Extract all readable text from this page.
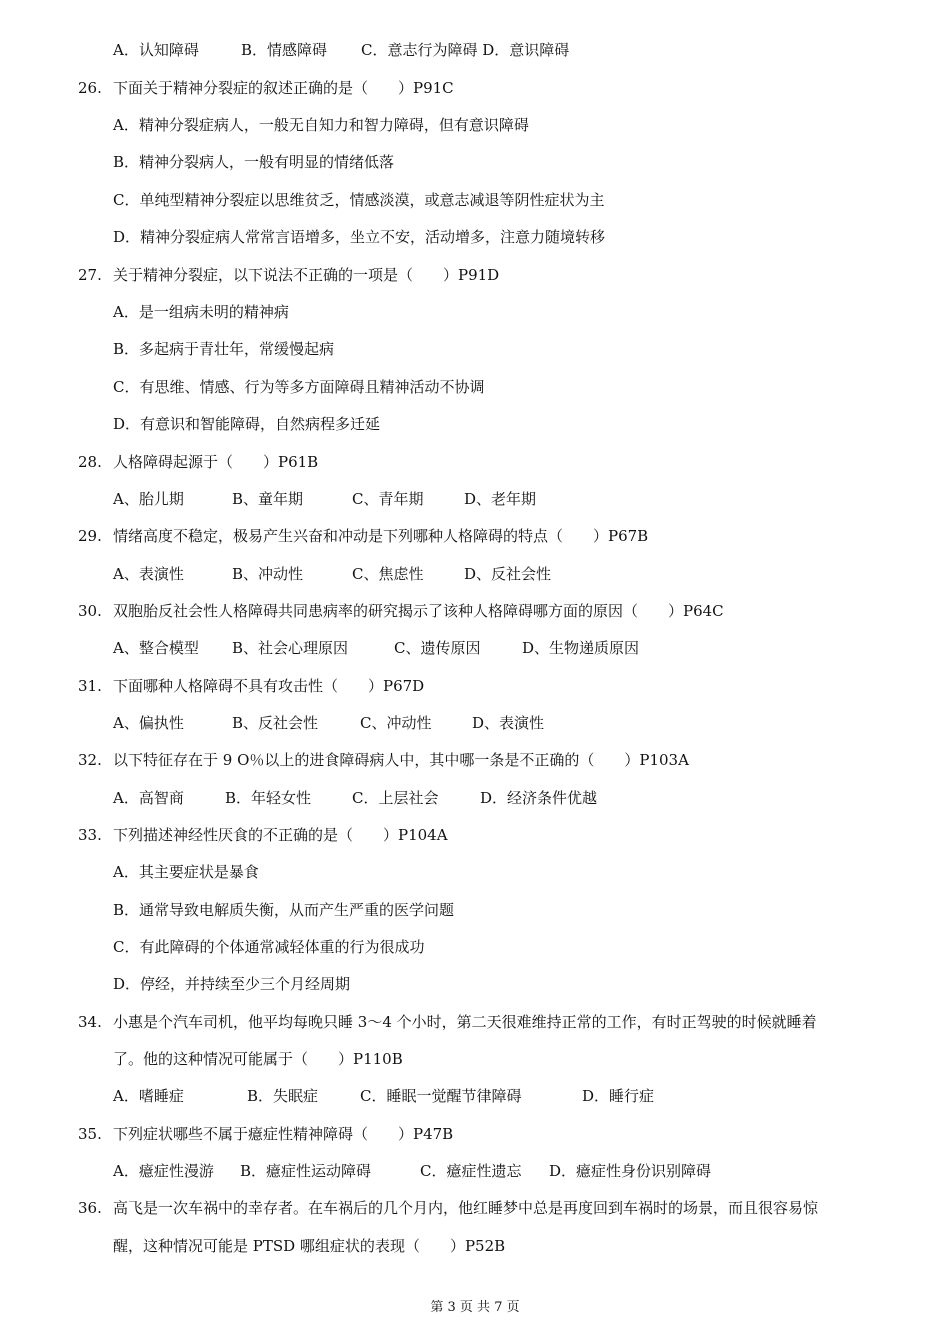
A．认知障碍	B．情感障碍 C．意志行为障碍 D．意识障碍
26. 下面关于精神分裂症的叙述正确的是（　　）P91C
A．精神分裂症病人，一般无自知力和智力障碍，但有意识障碍
B．精神分裂病人，一般有明显的情绪低落
C．单纯型精神分裂症以思维贫乏，情感淡漠，或意志减退等阴性症状为主
D．精神分裂症病人常常言语增多，坐立不安，活动增多，注意力随境转移
27. 关于精神分裂症，以下说法不正确的一项是（　　）P91D
A．是一组病未明的精神病
B．多起病于青壮年，常缓慢起病
C．有思维、情感、行为等多方面障碍且精神活动不协调
D．有意识和智能障碍，自然病程多迁延
28. 人格障碍起源于（　　）P61B
A、胎儿期	B、童年期	C、青年期	D、老年期
29. 情绪高度不稳定，极易产生兴奋和冲动是下列哪种人格障碍的特点（　　）P67B
A、表演性	B、冲动性	C、焦虑性	D、反社会性
30. 双胞胎反社会性人格障碍共同患病率的研究揭示了该种人格障碍哪方面的原因（　　）P64C
A、整合模型 B、社会心理原因	C、遗传原因	D、生物递质原因
31. 下面哪种人格障碍不具有攻击性（　　）P67D
A、偏执性	B、反社会性	C、冲动性	D、表演性
32. 以下特征存在于 9 O％以上的进食障碍病人中，其中哪一条是不正确的（　　）P103A
A．高智商	B．年轻女性	C．上层社会	D．经济条件优越
33. 下列描述神经性厌食的不正确的是（　　）P104A
A．其主要症状是暴食
B．通常导致电解质失衡，从而产生严重的医学问题
C．有此障碍的个体通常减轻体重的行为很成功
D．停经，并持续至少三个月经周期
34. 小惠是个汽车司机，他平均每晚只睡 3～4 个小时，第二天很难维持正常的工作，有时正驾驶的时候就睡着
了。他的这种情况可能属于（　　）P110B
A．嗜睡症	B．失眠症	C．睡眠一觉醒节律障碍	D．睡行症
35. 下列症状哪些不属于癔症性精神障碍（　　）P47B
A．癔症性漫游 B．癔症性运动障碍	C．癔症性遗忘 D．癔症性身份识别障碍
36. 高飞是一次车祸中的幸存者。在车祸后的几个月内，他红睡梦中总是再度回到车祸时的场景，而且很容易惊
醒，这种情况可能是 PTSD 哪组症状的表现（　　）P52B
第 3 页 共 7 页
